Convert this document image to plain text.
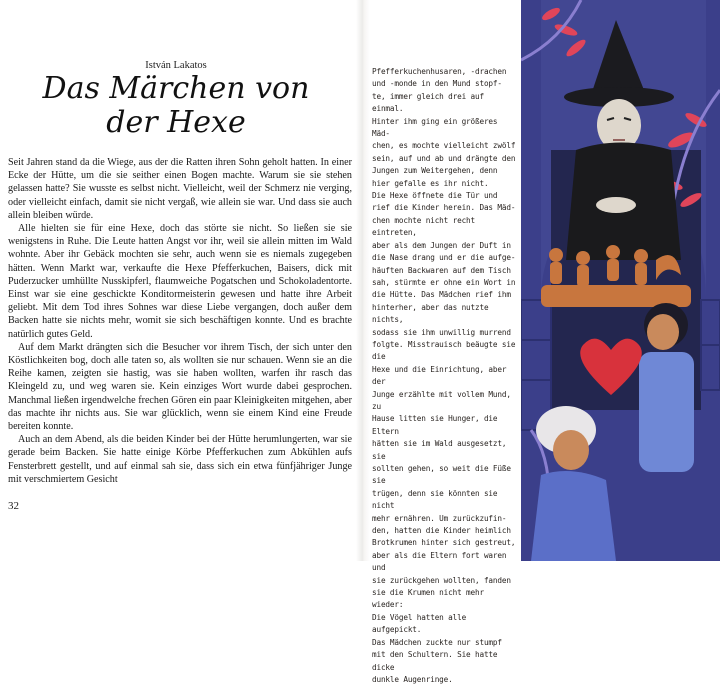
István Lakatos
Das Märchen von
der Hexe

Seit Jahren stand da die Wiege, aus der die Ratten ihren Sohn geholt hatten. In einer Ecke der Hütte, um die sie seither einen Bogen machte. Warum sie sie stehen gelassen hatte? Sie wusste es selbst nicht. Vielleicht, weil der Schmerz nie verging, oder vielleicht einfach, damit sie nicht vergaß, wie allein sie war. Und dass sie auch allein bleiben würde.

Alle hielten sie für eine Hexe, doch das störte sie nicht. So ließen sie sie wenigstens in Ruhe. Die Leute hatten Angst vor ihr, weil sie allein mitten im Wald wohnte. Aber ihr Gebäck mochten sie sehr, auch wenn sie es niemals zugegeben hätten. Wenn Markt war, verkaufte die Hexe Pfefferkuchen, Baisers, dick mit Puderzucker umhüllte Nusskipferl, flaumweiche Pogatschen und Schokoladentorte. Einst war sie eine geschickte Konditormeisterin gewesen und hatte ihre Arbeit geliebt. Mit dem Tod ihres Sohnes war diese Liebe vergangen, doch außer dem Backen hatte sie nichts mehr, womit sie sich beschäftigen konnte. Und es brachte natürlich gutes Geld.

Auf dem Markt drängten sich die Besucher vor ihrem Tisch, der sich unter den Köstlichkeiten bog, doch alle taten so, als wollten sie nur schauen. Wenn sie an die Reihe kamen, zeigten sie hastig, was sie haben wollten, warfen ihr rasch das Kleingeld zu, und weg waren sie. Kein einziges Wort wurde dabei gesprochen. Manchmal ließen irgendwelche frechen Gören ein paar Kleinigkeiten mitgehen, aber das machte ihr nichts aus. Sie war glücklich, wenn sie einem Kind eine Freude bereiten konnte.

Auch an dem Abend, als die beiden Kinder bei der Hütte herumlungerten, war sie gerade beim Backen. Sie hatte einige Körbe Pfefferkuchen zum Abkühlen aufs Fensterbrett gestellt, und auf einmal sah sie, dass sich ein etwa fünfjähriger Junge mit verschmiertem Gesicht

32
Pfefferkuchenhusaren, -drachen
und -monde in den Mund stopf-
te, immer gleich drei auf einmal.
Hinter ihm ging ein größeres Mäd-
chen, es mochte vielleicht zwölf
sein, auf und ab und drängte den
Jungen zum Weitergehen, denn
hier gefalle es ihr nicht.
Die Hexe öffnete die Tür und
rief die Kinder herein. Das Mäd-
chen mochte nicht recht eintreten,
aber als dem Jungen der Duft in
die Nase drang und er die aufge-
häuften Backwaren auf dem Tisch
sah, stürmte er ohne ein Wort in
die Hütte. Das Mädchen rief ihm
hinterher, aber das nutzte nichts,
sodass sie ihm unwillig murrend
folgte. Misstrauisch beäugte sie die
Hexe und die Einrichtung, aber der
Junge erzählte mit vollem Mund, zu
Hause litten sie Hunger, die Eltern
hätten sie im Wald ausgesetzt, sie
sollten gehen, so weit die Füße sie
trügen, denn sie könnten sie nicht
mehr ernähren. Um zurückzufin-
den, hatten die Kinder heimlich
Brotkrumen hinter sich gestreut,
aber als die Eltern fort waren und
sie zurückgehen wollten, fanden
sie die Krumen nicht mehr wieder:
Die Vögel hatten alle aufgepickt.
Das Mädchen zuckte nur stumpf
mit den Schultern. Sie hatte dicke
dunkle Augenringe.
